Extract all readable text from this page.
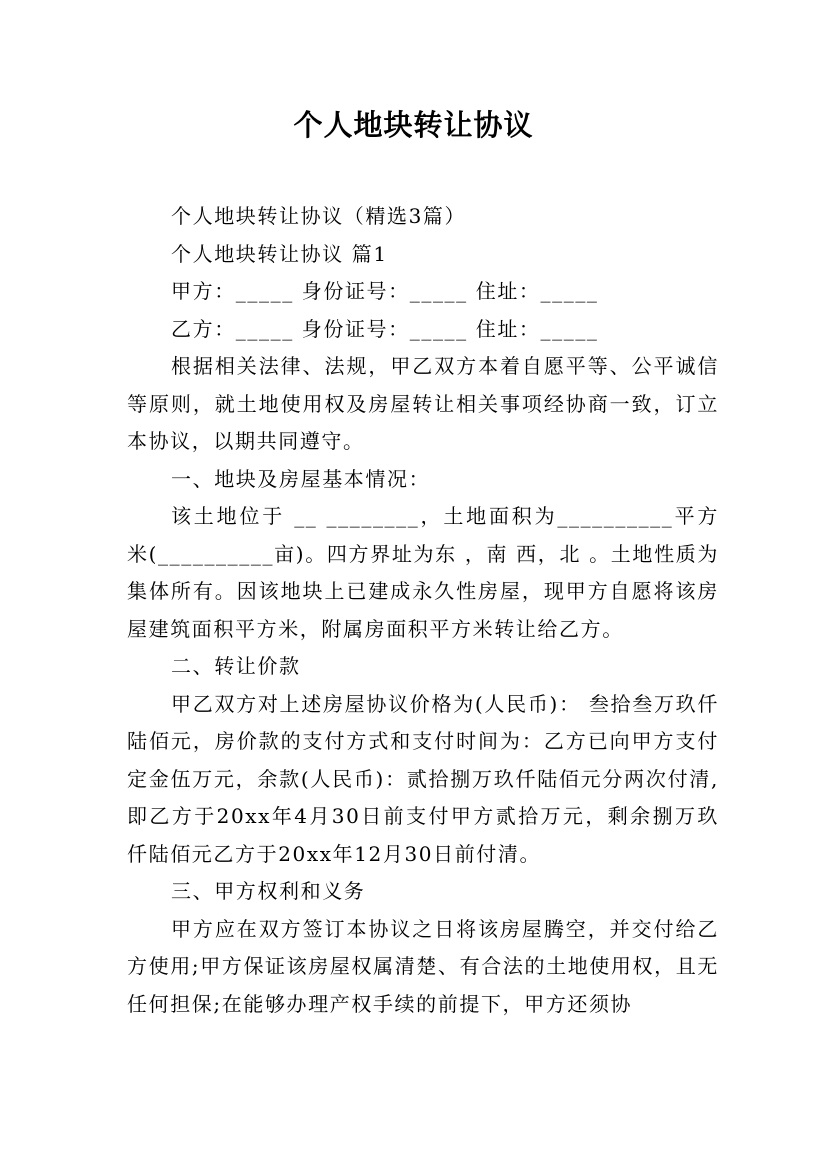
个人地块转让协议

个人地块转让协议（精选3篇）

个人地块转让协议 篇1

甲方：_____ 身份证号：_____ 住址：_____

乙方：_____ 身份证号：_____ 住址：_____

根据相关法律、法规，甲乙双方本着自愿平等、公平诚信等原则，就土地使用权及房屋转让相关事项经协商一致，订立本协议，以期共同遵守。

一、地块及房屋基本情况：

该土地位于 __ ________，土地面积为__________平方米(__________亩)。四方界址为东 ，南 西，北 。土地性质为集体所有。因该地块上已建成永久性房屋，现甲方自愿将该房屋建筑面积平方米，附属房面积平方米转让给乙方。

二、转让价款

甲乙双方对上述房屋协议价格为(人民币)： 叁拾叁万玖仟陆佰元，房价款的支付方式和支付时间为：乙方已向甲方支付定金伍万元，余款(人民币)：贰拾捌万玖仟陆佰元分两次付清,即乙方于20xx年4月30日前支付甲方贰拾万元，剩余捌万玖仟陆佰元乙方于20xx年12月30日前付清。

三、甲方权利和义务

甲方应在双方签订本协议之日将该房屋腾空，并交付给乙方使用;甲方保证该房屋权属清楚、有合法的土地使用权，且无任何担保;在能够办理产权手续的前提下，甲方还须协
